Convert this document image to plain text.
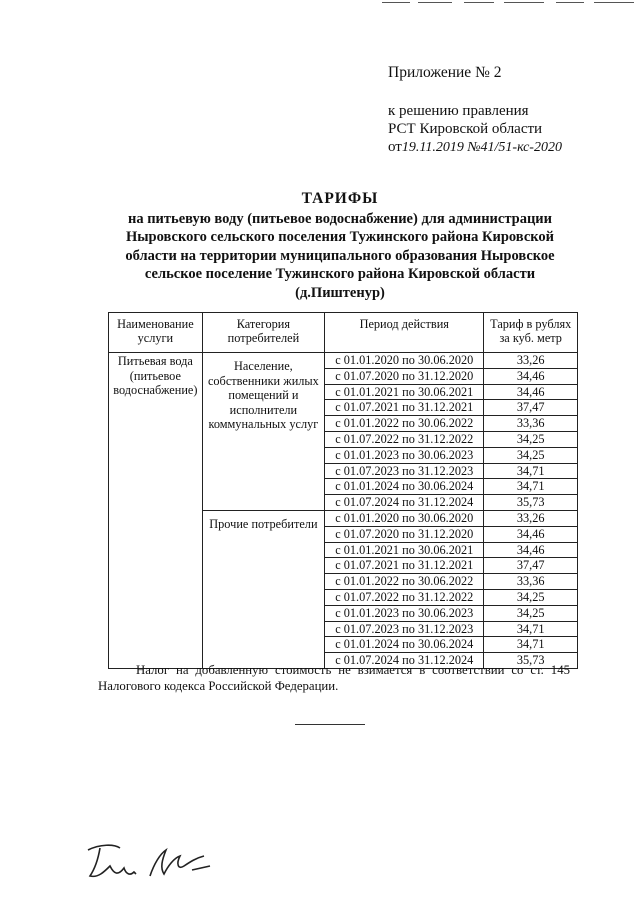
Приложение № 2
к решению правления
РСТ Кировской области
от19.11.2019 №41/51-кс-2020
ТАРИФЫ
на питьевую воду (питьевое водоснабжение) для администрации
Ныровского сельского поселения Тужинского района Кировской
области на территории муниципального образования Ныровское
сельское поселение Тужинского района Кировской области
(д.Пиштенур)
Наименование услуги	Категория потребителей	Период действия	Тариф в рублях за куб. метр
Питьевая вода (питьевое водоснабжение)	Население, собственники жилых помещений и исполнители коммунальных услуг	с 01.01.2020 по 30.06.2020	33,26
		с 01.07.2020 по 31.12.2020	34,46
		с 01.01.2021 по 30.06.2021	34,46
		с 01.07.2021 по 31.12.2021	37,47
		с 01.01.2022 по 30.06.2022	33,36
		с 01.07.2022 по 31.12.2022	34,25
		с 01.01.2023 по 30.06.2023	34,25
		с 01.07.2023 по 31.12.2023	34,71
		с 01.01.2024 по 30.06.2024	34,71
		с 01.07.2024 по 31.12.2024	35,73
	Прочие потребители	с 01.01.2020 по 30.06.2020	33,26
		с 01.07.2020 по 31.12.2020	34,46
		с 01.01.2021 по 30.06.2021	34,46
		с 01.07.2021 по 31.12.2021	37,47
		с 01.01.2022 по 30.06.2022	33,36
		с 01.07.2022 по 31.12.2022	34,25
		с 01.01.2023 по 30.06.2023	34,25
		с 01.07.2023 по 31.12.2023	34,71
		с 01.01.2024 по 30.06.2024	34,71
		с 01.07.2024 по 31.12.2024	35,73
Налог на добавленную стоимость не взимается в соответствии со ст. 145 Налогового кодекса Российской Федерации.
